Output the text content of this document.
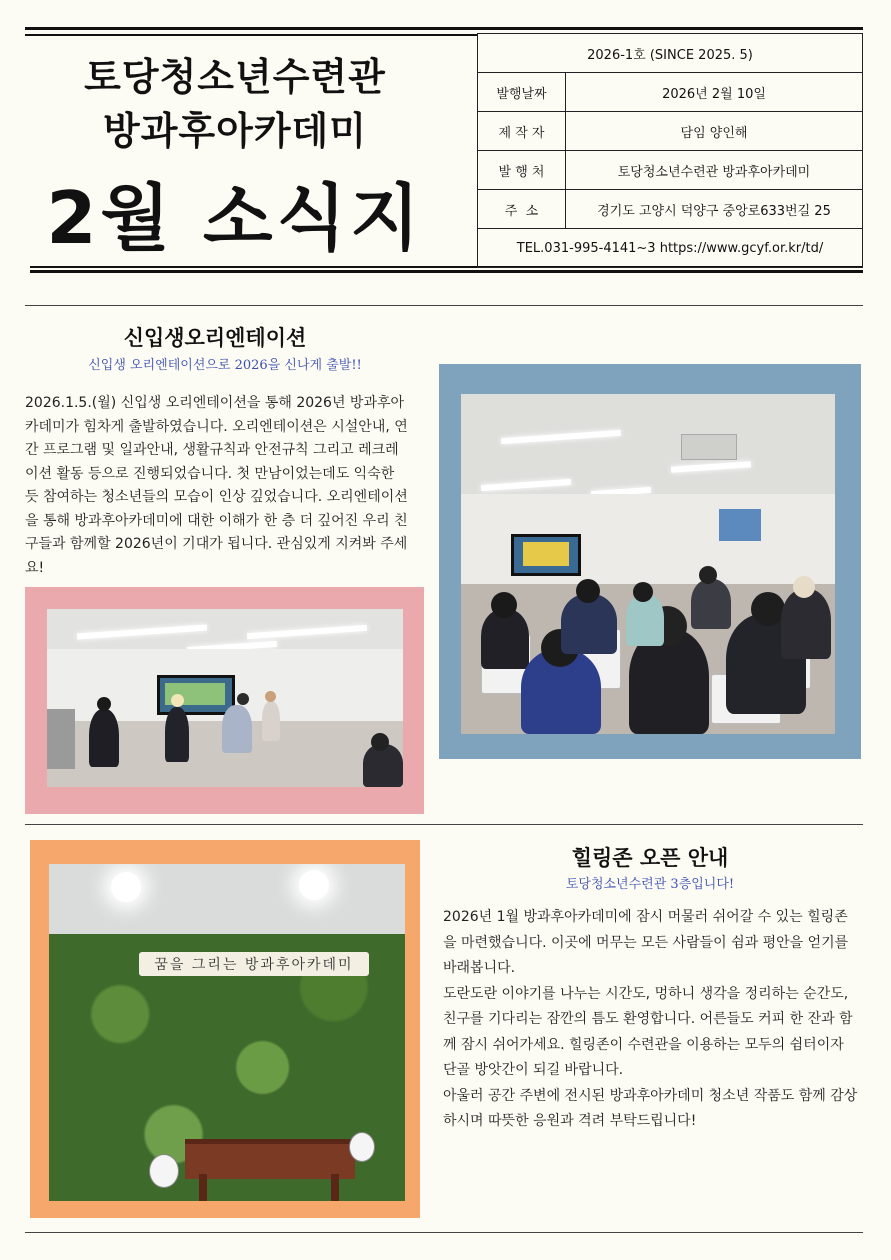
토당청소년수련관
방과후아카데미
2월 소식지
2026-1호 (SINCE 2025. 5)	
발행날짜	2026년 2월 10일
제 작 자	담임 양인해
발 행 처	토당청소년수련관 방과후아카데미
주  소	경기도 고양시 덕양구 중앙로633번길 25
TEL.031-995-4141~3 https://www.gcyf.or.kr/td/	
신입생오리엔테이션
신입생 오리엔테이션으로 2026을 신나게 출발!!
2026.1.5.(월) 신입생 오리엔테이션을 통해 2026년 방과후아카데미가 힘차게 출발하였습니다. 오리엔테이션은 시설안내, 연간 프로그램 및 일과안내, 생활규칙과 안전규칙 그리고 레크레이션 활동 등으로 진행되었습니다. 첫 만남이었는데도 익숙한 듯 참여하는 청소년들의 모습이 인상 깊었습니다. 오리엔테이션을 통해 방과후아카데미에 대한 이해가 한 층 더 깊어진 우리 친구들과 함께할 2026년이 기대가 됩니다. 관심있게 지켜봐 주세요!
꿈을 그리는 방과후아카데미
힐링존 오픈 안내
토당청소년수련관 3층입니다!

2026년 1월 방과후아카데미에 잠시 머물러 쉬어갈 수 있는 힐링존을 마련했습니다. 이곳에 머무는 모든 사람들이 쉼과 평안을 얻기를 바래봅니다.

도란도란 이야기를 나누는 시간도, 멍하니 생각을 정리하는 순간도, 친구를 기다리는 잠깐의 틈도 환영합니다. 어른들도 커피 한 잔과 함께 잠시 쉬어가세요. 힐링존이 수련관을 이용하는 모두의 쉼터이자 단골 방앗간이 되길 바랍니다.

아울러 공간 주변에 전시된 방과후아카데미 청소년 작품도 함께 감상하시며 따뜻한 응원과 격려 부탁드립니다!
